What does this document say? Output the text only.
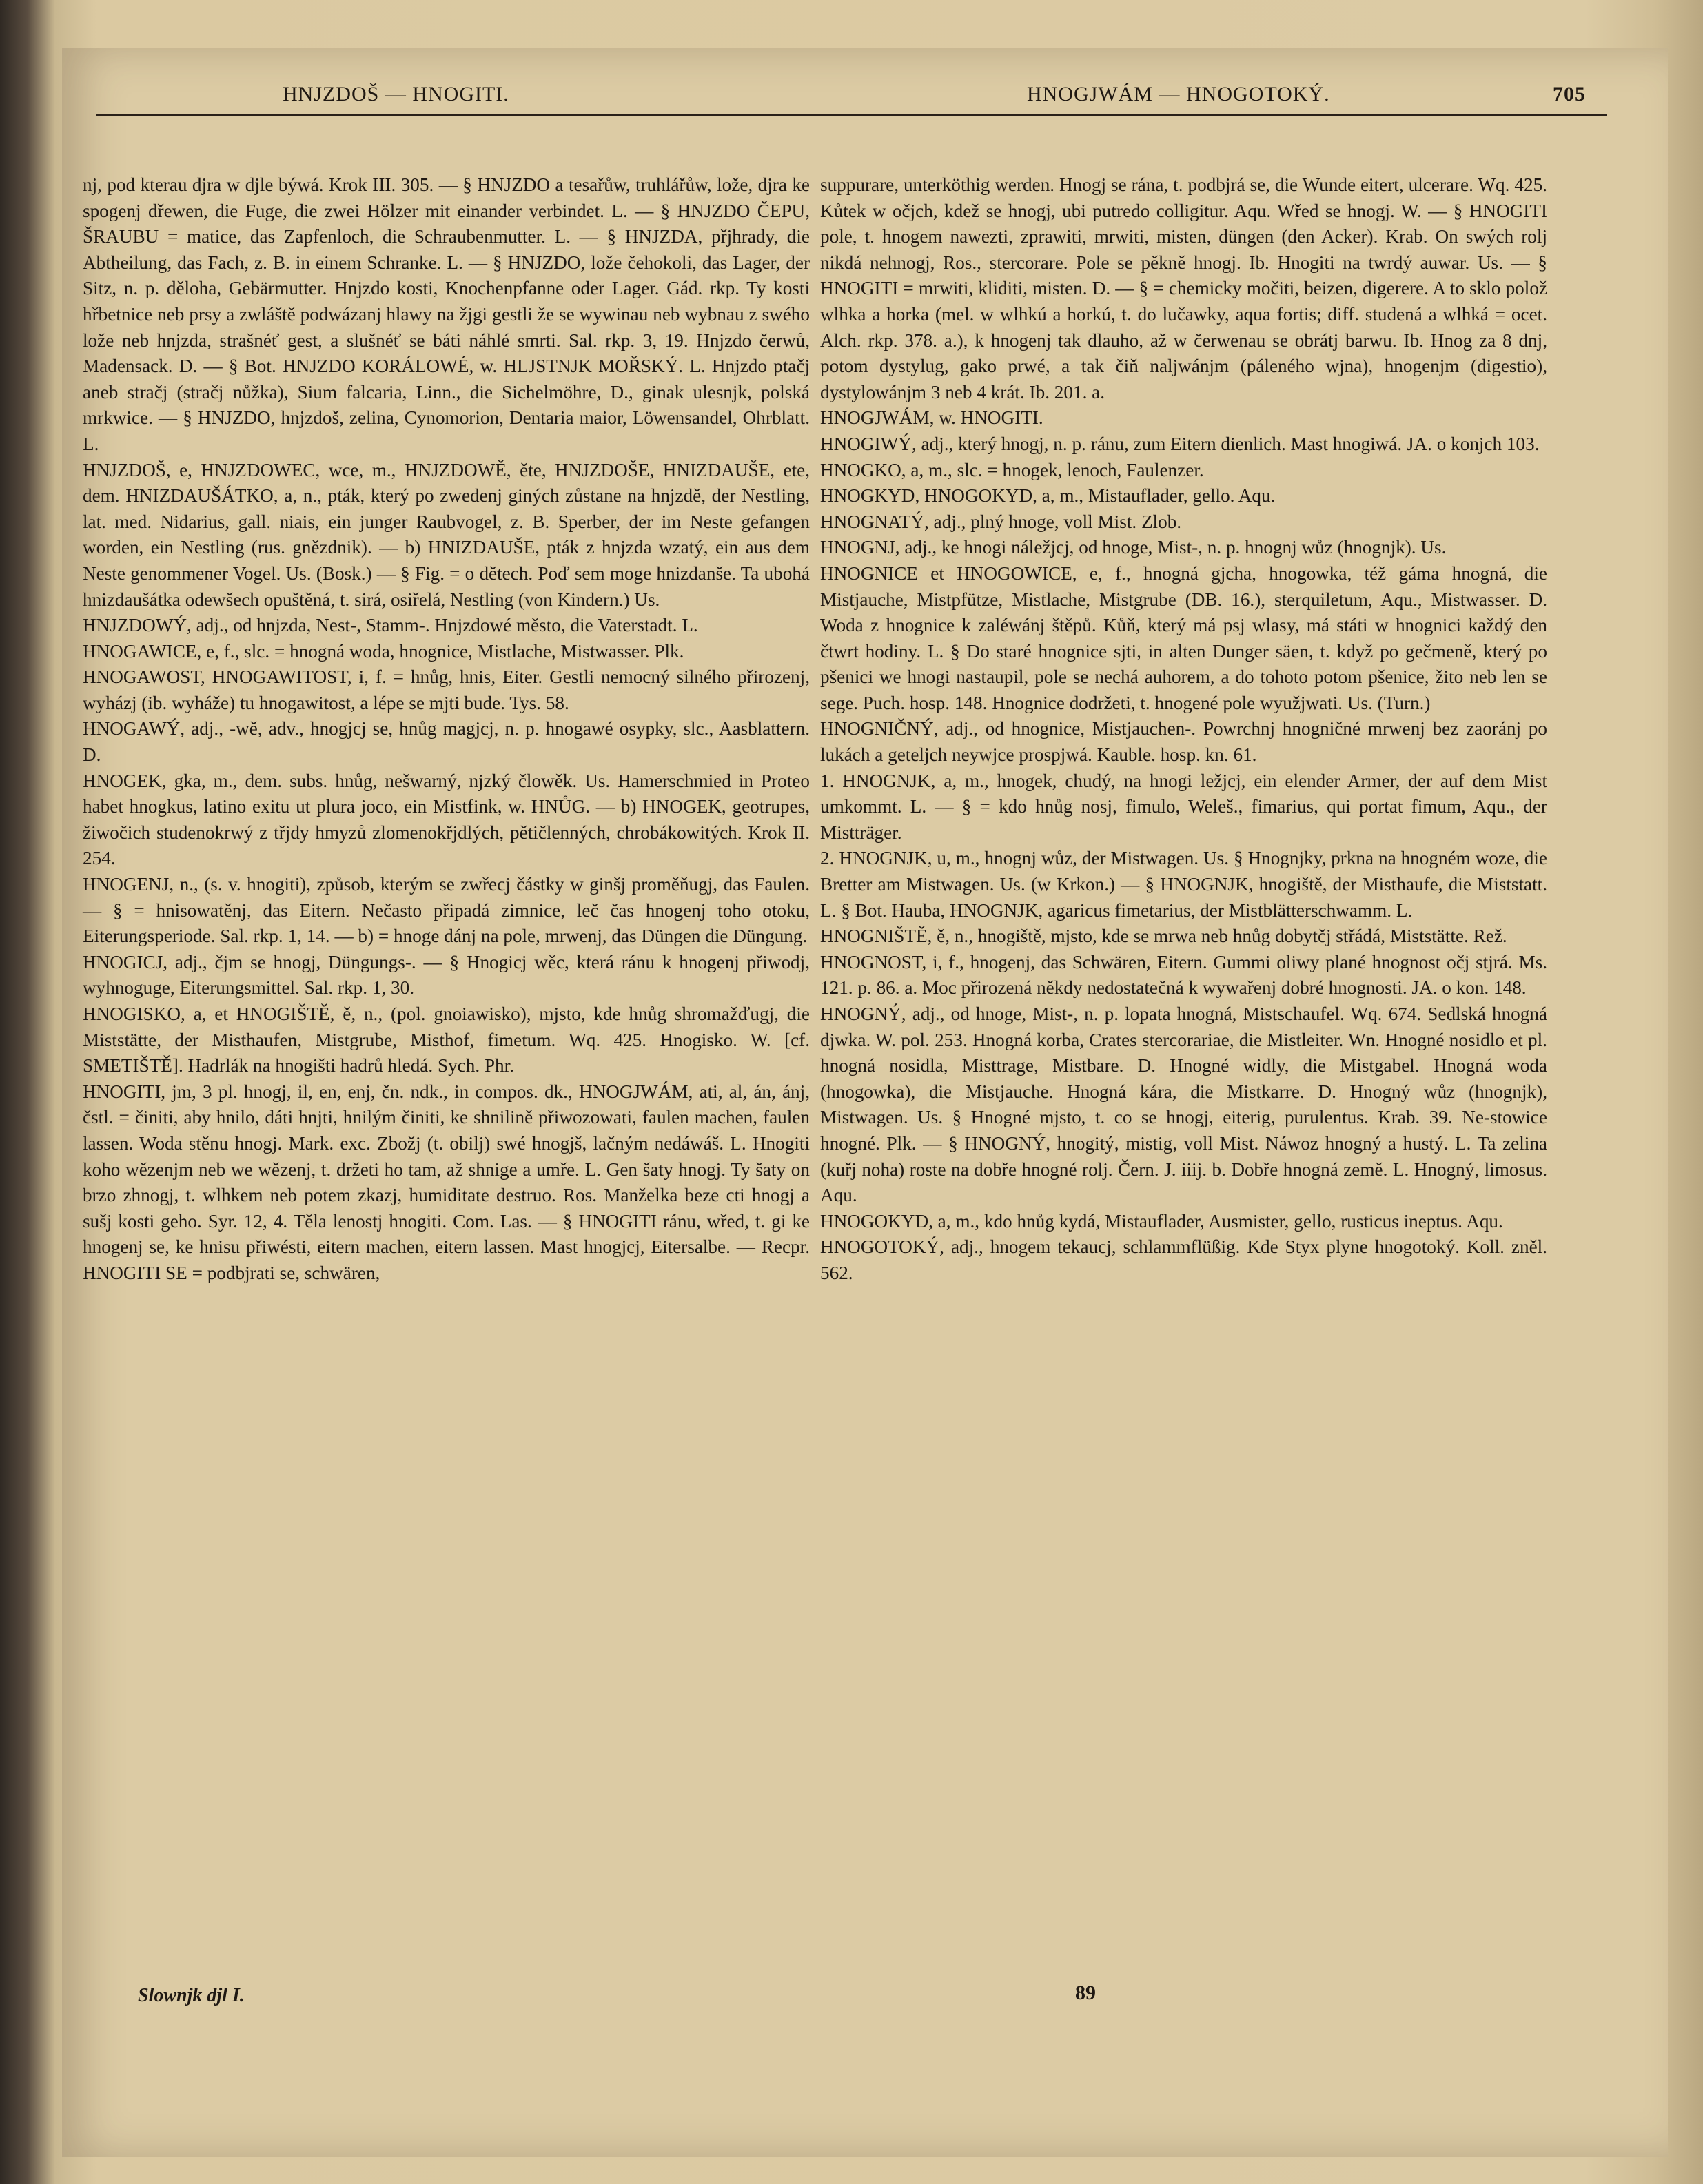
HNJZDOŠ — HNOGITI.	HNOGJWÁM — HNOGOTOKÝ.	705

nj, pod kterau djra w djle býwá. Krok III. 305. — § HNJZDO a tesařůw, truhlářůw, lože, djra ke spogenj dřewen, die Fuge, die zwei Hölzer mit einander verbindet. L. — § HNJZDO ČEPU, ŠRAUBU = matice, das Zapfenloch, die Schraubenmutter. L. — § HNJZDA, přjhrady, die Abtheilung, das Fach, z. B. in einem Schranke. L. — § HNJZDO, lože čehokoli, das Lager, der Sitz, n. p. děloha, Gebärmutter. Hnjzdo kosti, Knochenpfanne oder Lager. Gád. rkp. Ty kosti hřbetnice neb prsy a zwláště podwázanj hlawy na žjgi gestli že se wywinau neb wybnau z swého lože neb hnjzda, strašnéť gest, a slušnéť se báti náhlé smrti. Sal. rkp. 3, 19. Hnjzdo čerwů, Madensack. D. — § Bot. HNJZDO KORÁLOWÉ, w. HLJSTNJK MOŘSKÝ. L. Hnjzdo ptačj aneb stračj (stračj nůžka), Sium falcaria, Linn., die Sichelmöhre, D., ginak ulesnjk, polská mrkwice. — § HNJZDO, hnjzdoš, zelina, Cynomorion, Dentaria maior, Löwensandel, Ohrblatt. L.

HNJZDOŠ, e, HNJZDOWEC, wce, m., HNJZDOWĚ, ěte, HNJZDOŠE, HNIZDAUŠE, ete, dem. HNIZDAUŠÁTKO, a, n., pták, který po zwedenj giných zůstane na hnjzdě, der Nestling, lat. med. Nidarius, gall. niais, ein junger Raubvogel, z. B. Sperber, der im Neste gefangen worden, ein Nestling (rus. gnězdnik). — b) HNIZDAUŠE, pták z hnjzda wzatý, ein aus dem Neste genommener Vogel. Us. (Bosk.) — § Fig. = o dětech. Poď sem moge hnizdanše. Ta ubohá hnizdaušátka odewšech opuštěná, t. sirá, osiřelá, Nestling (von Kindern.) Us.

HNJZDOWÝ, adj., od hnjzda, Nest-, Stamm-. Hnjzdowé město, die Vaterstadt. L.

HNOGAWICE, e, f., slc. = hnogná woda, hnognice, Mistlache, Mistwasser. Plk.

HNOGAWOST, HNOGAWITOST, i, f. = hnůg, hnis, Eiter. Gestli nemocný silného přirozenj, wyházj (ib. wyháže) tu hnogawitost, a lépe se mjti bude. Tys. 58.

HNOGAWÝ, adj., -wě, adv., hnogjcj se, hnůg magjcj, n. p. hnogawé osypky, slc., Aasblattern. D.

HNOGEK, gka, m., dem. subs. hnůg, nešwarný, njzký člowěk. Us. Hamerschmied in Proteo habet hnogkus, latino exitu ut plura joco, ein Mistfink, w. HNŮG. — b) HNOGEK, geotrupes, žiwočich studenokrwý z třjdy hmyzů zlomenokřjdlých, pětičlenných, chrobákowitých. Krok II. 254.

HNOGENJ, n., (s. v. hnogiti), způsob, kterým se zwřecj částky w ginšj proměňugj, das Faulen. — § = hnisowatěnj, das Eitern. Nečasto připadá zimnice, leč čas hnogenj toho otoku, Eiterungsperiode. Sal. rkp. 1, 14. — b) = hnoge dánj na pole, mrwenj, das Düngen die Düngung.

HNOGICJ, adj., čjm se hnogj, Düngungs-. — § Hnogicj wěc, která ránu k hnogenj přiwodj, wyhnoguge, Eiterungsmittel. Sal. rkp. 1, 30.

HNOGISKO, a, et HNOGIŠTĚ, ě, n., (pol. gnoiawisko), mjsto, kde hnůg shromažďugj, die Miststätte, der Misthaufen, Mistgrube, Misthof, fimetum. Wq. 425. Hnogisko. W. [cf. SMETIŠTĚ]. Hadrlák na hnogišti hadrů hledá. Sych. Phr.

HNOGITI, jm, 3 pl. hnogj, il, en, enj, čn. ndk., in compos. dk., HNOGJWÁM, ati, al, án, ánj, čstl. = činiti, aby hnilo, dáti hnjti, hnilým činiti, ke shnilině přiwozowati, faulen machen, faulen lassen. Woda stěnu hnogj. Mark. exc. Zbožj (t. obilj) swé hnogjš, lačným nedáwáš. L. Hnogiti koho wězenjm neb we wězenj, t. držeti ho tam, až shnige a umře. L. Gen šaty hnogj. Ty šaty on brzo zhnogj, t. wlhkem neb potem zkazj, humiditate destruo. Ros. Manželka beze cti hnogj a sušj kosti geho. Syr. 12, 4. Těla lenostj hnogiti. Com. Las. — § HNOGITI ránu, wřed, t. gi ke hnogenj se, ke hnisu přiwésti, eitern machen, eitern lassen. Mast hnogjcj, Eitersalbe. — Recpr. HNOGITI SE = podbjrati se, schwären,

suppurare, unterköthig werden. Hnogj se rána, t. podbjrá se, die Wunde eitert, ulcerare. Wq. 425. Kůtek w očjch, kdež se hnogj, ubi putredo colligitur. Aqu. Wřed se hnogj. W. — § HNOGITI pole, t. hnogem nawezti, zprawiti, mrwiti, misten, düngen (den Acker). Krab. On swých rolj nikdá nehnogj, Ros., stercorare. Pole se pěkně hnogj. Ib. Hnogiti na twrdý auwar. Us. — § HNOGITI = mrwiti, kliditi, misten. D. — § = chemicky močiti, beizen, digerere. A to sklo polož wlhka a horka (mel. w wlhkú a horkú, t. do lučawky, aqua fortis; diff. studená a wlhká = ocet. Alch. rkp. 378. a.), k hnogenj tak dlauho, až w čerwenau se obrátj barwu. Ib. Hnog za 8 dnj, potom dystylug, gako prwé, a tak čiň naljwánjm (páleného wjna), hnogenjm (digestio), dystylowánjm 3 neb 4 krát. Ib. 201. a.

HNOGJWÁM, w. HNOGITI.

HNOGIWÝ, adj., který hnogj, n. p. ránu, zum Eitern dienlich. Mast hnogiwá. JA. o konjch 103.

HNOGKO, a, m., slc. = hnogek, lenoch, Faulenzer.

HNOGKYD, HNOGOKYD, a, m., Mistauflader, gello. Aqu.

HNOGNATÝ, adj., plný hnoge, voll Mist. Zlob.

HNOGNJ, adj., ke hnogi náležjcj, od hnoge, Mist-, n. p. hnognj wůz (hnognjk). Us.

HNOGNICE et HNOGOWICE, e, f., hnogná gjcha, hnogowka, též gáma hnogná, die Mistjauche, Mistpfütze, Mistlache, Mistgrube (DB. 16.), sterquiletum, Aqu., Mistwasser. D. Woda z hnognice k zaléwánj štěpů. Kůň, který má psj wlasy, má státi w hnognici každý den čtwrt hodiny. L. § Do staré hnognice sjti, in alten Dunger säen, t. když po gečmeně, který po pšenici we hnogi nastaupil, pole se nechá auhorem, a do tohoto potom pšenice, žito neb len se sege. Puch. hosp. 148. Hnognice dodržeti, t. hnogené pole wyužjwati. Us. (Turn.)

HNOGNIČNÝ, adj., od hnognice, Mistjauchen-. Powrchnj hnogničné mrwenj bez zaoránj po lukách a geteljch neywjce prospjwá. Kauble. hosp. kn. 61.

1. HNOGNJK, a, m., hnogek, chudý, na hnogi ležjcj, ein elender Armer, der auf dem Mist umkommt. L. — § = kdo hnůg nosj, fimulo, Weleš., fimarius, qui portat fimum, Aqu., der Mistträger.

2. HNOGNJK, u, m., hnognj wůz, der Mistwagen. Us. § Hnognjky, prkna na hnogném woze, die Bretter am Mistwagen. Us. (w Krkon.) — § HNOGNJK, hnogiště, der Misthaufe, die Miststatt. L. § Bot. Hauba, HNOGNJK, agaricus fimetarius, der Mistblätterschwamm. L.

HNOGNIŠTĚ, ě, n., hnogiště, mjsto, kde se mrwa neb hnůg dobytčj střádá, Miststätte. Rež.

HNOGNOST, i, f., hnogenj, das Schwären, Eitern. Gummi oliwy plané hnognost očj stjrá. Ms. 121. p. 86. a. Moc přirozená někdy nedostatečná k wywařenj dobré hnognosti. JA. o kon. 148.

HNOGNÝ, adj., od hnoge, Mist-, n. p. lopata hnogná, Mistschaufel. Wq. 674. Sedlská hnogná djwka. W. pol. 253. Hnogná korba, Crates stercorariae, die Mistleiter. Wn. Hnogné nosidlo et pl. hnogná nosidla, Misttrage, Mistbare. D. Hnogné widly, die Mistgabel. Hnogná woda (hnogowka), die Mistjauche. Hnogná kára, die Mistkarre. D. Hnogný wůz (hnognjk), Mistwagen. Us. § Hnogné mjsto, t. co se hnogj, eiterig, purulentus. Krab. 39. Ne-stowice hnogné. Plk. — § HNOGNÝ, hnogitý, mistig, voll Mist. Náwoz hnogný a hustý. L. Ta zelina (kuřj noha) roste na dobře hnogné rolj. Čern. J. iiij. b. Dobře hnogná země. L. Hnogný, limosus. Aqu.

HNOGOKYD, a, m., kdo hnůg kydá, Mistauflader, Ausmister, gello, rusticus ineptus. Aqu.

HNOGOTOKÝ, adj., hnogem tekaucj, schlammflüßig. Kde Styx plyne hnogotoký. Koll. zněl. 562.

Slownjk djl I.	89
